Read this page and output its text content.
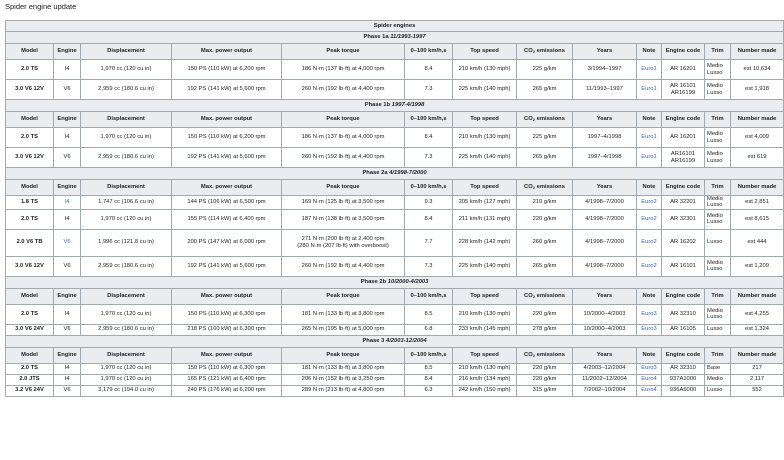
Spider engine update
Spider engines												
Phase 1a 11/1993-1997												
Model	Engine	Displacement	Max. power output	Peak torque	0–100 km/h,s	Top speed	$CO_2$ emissions	Years	Note	Engine code	Trim	Number made
2.0 TS	I4	1,970 cc (120 cu in)	150 PS (110 kW) at 6,200 rpm	186 N·m (137 lb·ft) at 4,000 rpm	8.4	210 km/h (130 mph)	225 g/km	3/1994–1997	Euro1	AR 16201	Medio
Lusso	est 10,634
3.0 V6 12V	V6	2,959 cc (180.6 cu in)	192 PS (141 kW) at 5,600 rpm	260 N·m (192 lb·ft) at 4,400 rpm	7.3	225 km/h (140 mph)	265 g/km	11/1993–1997	Euro1	AR 16101
AR16199	Medio
Lusso	est 1,918
Phase 1b 1997-4/1998												
Model	Engine	Displacement	Max. power output	Peak torque	0–100 km/h,s	Top speed	$CO_2$ emissions	Years	Note	Engine code	Trim	Number made
2.0 TS	I4	1,970 cc (120 cu in)	150 PS (110 kW) at 6,200 rpm	186 N·m (137 lb·ft) at 4,000 rpm	8.4	210 km/h (130 mph)	225 g/km	1997–4/1998	Euro1	AR 16201	Medio
Lusso	est 4,009
3.0 V6 12V	V6	2,959 cc (180.6 cu in)	192 PS (141 kW) at 5,600 rpm	260 N·m (192 lb·ft) at 4,400 rpm	7.3	225 km/h (140 mph)	265 g/km	1997–4/1998	Euro1	AR16101
AR16199	Medio
Lusso	est 619
Phase 2a 4/1998-7/2000												
Model	Engine	Displacement	Max. power output	Peak torque	0–100 km/h,s	Top speed	$CO_2$ emissions	Years	Note	Engine code	Trim	Number made
1.8 TS	I4	1,747 cc (106.6 cu in)	144 PS (106 kW) at 6,500 rpm	169 N·m (125 lb·ft) at 3,500 rpm	9.3	205 km/h (127 mph)	210 g/km	4/1998–7/2000	Euro2	AR 32201	Medio
Lusso	est 2,851
2.0 TS	I4	1,970 cc (120 cu in)	155 PS (114 kW) at 6,400 rpm	187 N·m (138 lb·ft) at 3,500 rpm	8.4	211 km/h (131 mph)	220 g/km	4/1998–7/2000	Euro2	AR 32301	Medio
Lusso	est 8,615
2.0 V6 TB	V6	1,996 cc (121.8 cu in)	200 PS (147 kW) at 6,000 rpm	271 N·m (200 lb·ft) at 2,400 rpm
(280 N·m (207 lb·ft) with overboost)	7.7	228 km/h (142 mph)	260 g/km	4/1998–7/2000	Euro2	AR 16202	Lusso	est 444
3.0 V6 12V	V6	2,959 cc (180.6 cu in)	192 PS (141 kW) at 5,600 rpm	260 N·m (192 lb·ft) at 4,400 rpm	7.3	225 km/h (140 mph)	265 g/km	4/1998–7/2000	Euro2	AR 16101	Medio
Lusso	est 1,209
Phase 2b 10/2000-4/2003												
Model	Engine	Displacement	Max. power output	Peak torque	0–100 km/h,s	Top speed	$CO_2$ emissions	Years	Note	Engine code	Trim	Number made
2.0 TS	I4	1,970 cc (120 cu in)	150 PS (110 kW) at 6,300 rpm	181 N·m (133 lb·ft) at 3,800 rpm	8.5	210 km/h (130 mph)	220 g/km	10/2000–4/2003	Euro3	AR 32310	Medio
Lusso	est 4,255
3.0 V6 24V	V6	2,959 cc (180.6 cu in)	218 PS (160 kW) at 6,300 rpm	265 N·m (195 lb·ft) at 5,000 rpm	6.8	233 km/h (145 mph)	278 g/km	10/2000–4/2003	Euro3	AR 16105	Lusso	est 1,324
Phase 3 4/2003-12/2004												
Model	Engine	Displacement	Max. power output	Peak torque	0–100 km/h,s	Top speed	$CO_2$ emissions	Years	Note	Engine code	Trim	Number made
2.0 TS	I4	1,970 cc (120 cu in)	150 PS (110 kW) at 6,300 rpm	181 N·m (133 lb·ft) at 3,800 rpm	8.5	210 km/h (130 mph)	220 g/km	4/2003–12/2004	Euro3	AR 32310	Base	217
2.0 JTS	I4	1,970 cc (120 cu in)	165 PS (121 kW) at 6,400 rpm	206 N·m (152 lb·ft) at 3,250 rpm	8.4	216 km/h (134 mph)	220 g/km	11/2002–12/2004	Euro4	937A1000	Medio	2,117
3.2 V6 24V	V6	3,179 cc (194.0 cu in)	240 PS (176 kW) at 6,200 rpm	289 N·m (213 lb·ft) at 4,800 rpm	6.3	242 km/h (150 mph)	315 g/km	7/2002–10/2004	Euro4	936A6000	Lusso	552
